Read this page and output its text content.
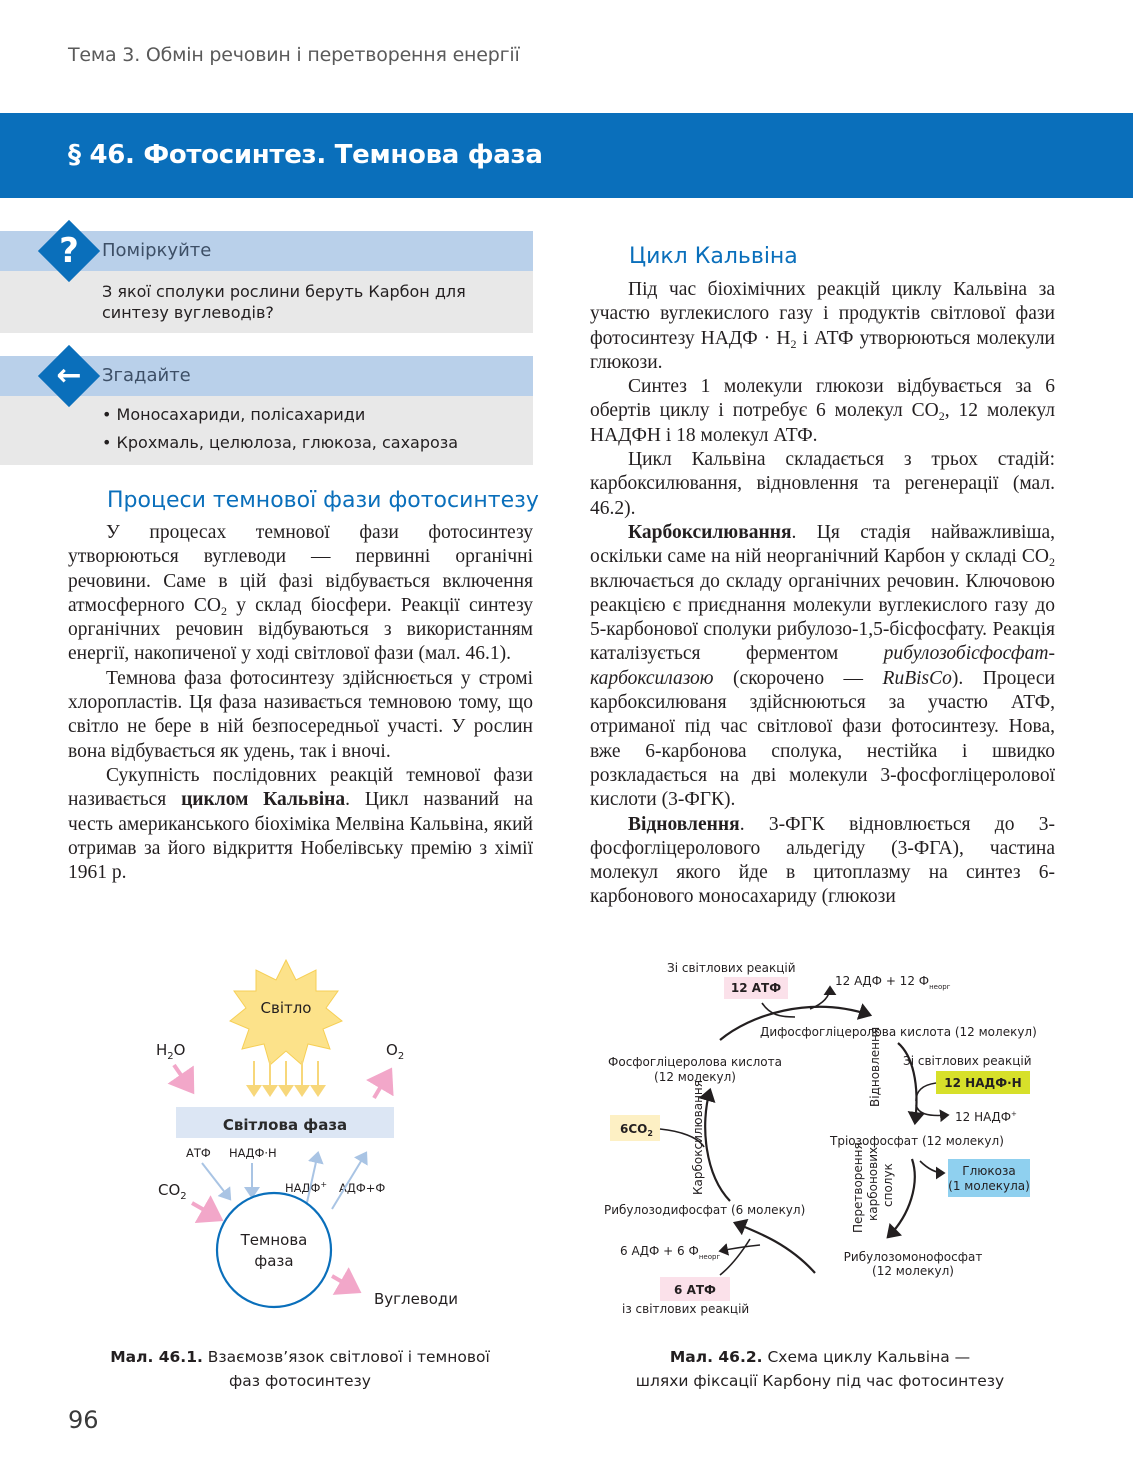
Тема 3. Обмін речовин і перетворення енергії
§ 46. Фотосинтез. Темнова фаза
?	Поміркуйте
З якої сполуки рослини беруть Карбон для
синтезу вуглеводів?
←	Згадайте
• Моносахариди, полісахариди
• Крохмаль, целюлоза, глюкоза, сахароза
Процеси темнової фази фотосинтезу

У процесах темнової фази фотосинтезу утворюються вуглеводи — первинні органічні речовини. Саме в цій фазі відбувається включення атмосферного $CO_2$ у склад біосфери. Реакції синтезу органічних речовин відбуваються з використанням енергії, накопиченої у ході світлової фази (мал. 46.1).

Темнова фаза фотосинтезу здійснюється у стромі хлоропластів. Ця фаза називається темновою тому, що світло не бере в ній безпосередньої участі. У рослин вона відбувається як удень, так і вночі.

Сукупність послідовних реакцій темнової фази називається циклом Кальвіна. Цикл названий на честь американського біохіміка Мелвіна Кальвіна, який отримав за його відкриття Нобелівську премію з хімії 1961 р.

Цикл Кальвіна

Під час біохімічних реакцій циклу Кальвіна за участю вуглекислого газу і продуктів світлової фази фотосинтезу НАДФ · $Н_2$ і АТФ утворюються молекули глюкози.

Синтез 1 молекули глюкози відбувається за 6 обертів циклу і потребує 6 молекул $CO_2$, 12 молекул НАДФН і 18 молекул АТФ.

Цикл Кальвіна складається з трьох стадій: карбоксилювання, відновлення та регенерації (мал. 46.2).

Карбоксилювання. Ця стадія найважливіша, оскільки саме на ній неорганічний Карбон у складі $CO_2$ включається до складу органічних речовин. Ключовою реакцією є приєднання молекули вуглекислого газу до 5-карбонової сполуки рибулозо-1,5-бісфосфату. Реакція каталізується ферментом рибулозобісфосфат-карбоксилазою (скорочено — RuBisCo). Процеси карбоксилюваня здійснюються за участю АТФ, отриманої під час світлової фази фотосинтезу. Нова, вже 6-карбонова сполука, нестійка і швидко розкладається на дві молекули 3-фосфогліцеролової кислоти (3-ФГК).

Відновлення. 3-ФГК відновлюється до 3-фосфогліцеролового альдегіду (3-ФГА), частина молекул якого йде в цитоплазму на синтез 6-карбонового моносахариду (глюкози

Світло
$H_2O$	$O_2$
Світлова фаза
АТФ НАДФ·Н
НАДФ+ АДФ+Ф
$CO_2$
Темнова
фаза
Вуглеводи
Мал. 46.1. Взаємозв’язок світлової і темнової
фаз фотосинтезу
Зі світлових реакцій
12 АТФ	12 АДФ + 12 $Ф_{неорг}$
Дифосфогліцеролова кислота (12 молекул)
Фосфогліцеролова кислота
(12 молекул)	Відновлення Зі світлових реакцій
12 НАДФ·Н
12 НАДФ+
Тріозофосфат (12 молекул)
$6CO_2$	Карбоксилювання	Перетворення карбонових сполук	Глюкоза
(1 молекула)
Рибулозодифосфат (6 молекул)
6 АДФ + 6 $Ф_{неорг}$	Рибулозомонофосфат
(12 молекул)
6 АТФ
із світлових реакцій
Мал. 46.2. Схема циклу Кальвіна —
шляхи фіксації Карбону під час фотосинтезу
96
